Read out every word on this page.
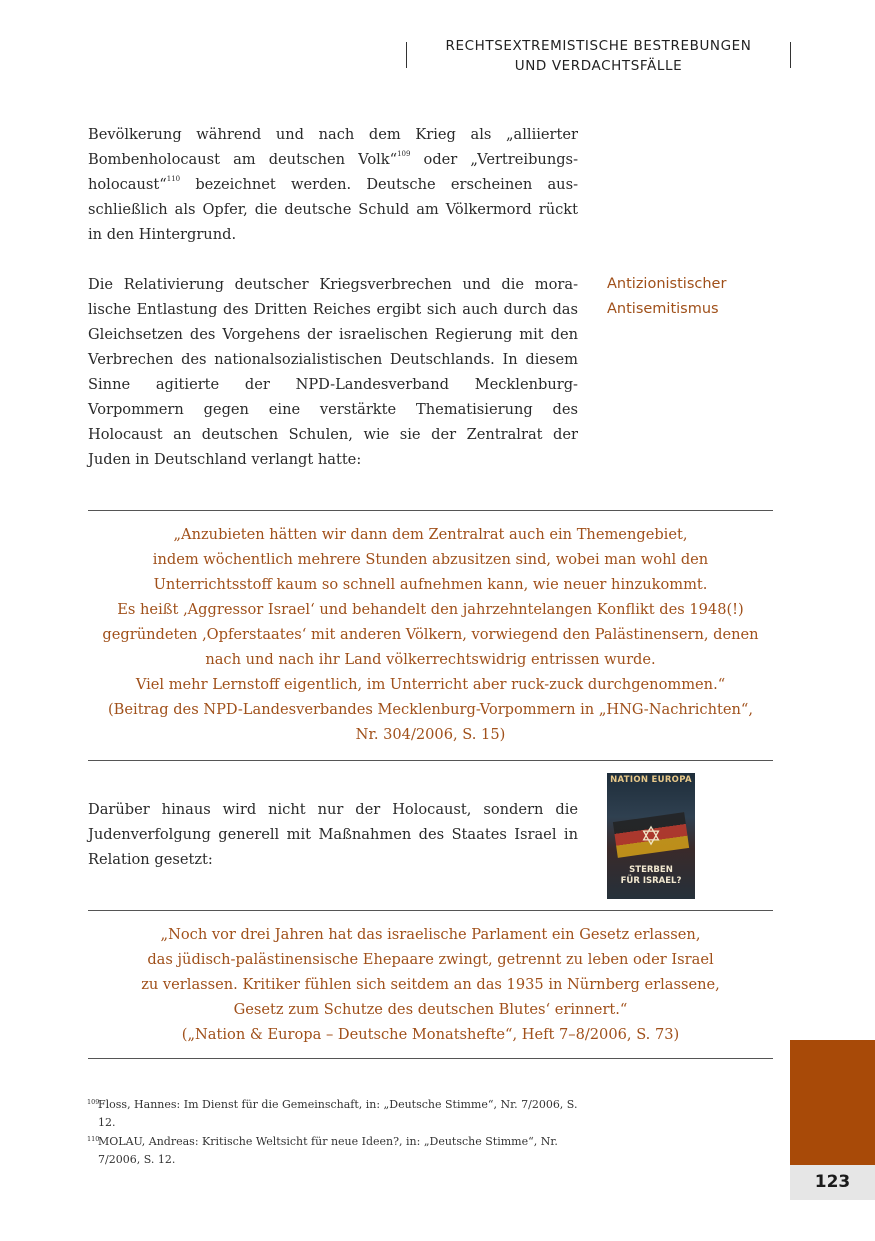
RECHTSEXTREMISTISCHE BESTREBUNGEN
UND VERDACHTSFÄLLE
Bevölkerung während und nach dem Krieg als „alliierter Bombenholocaust am deutschen Volk“$^{109}$ oder „Vertreibungsholocaust“$^{110}$ bezeichnet werden. Deutsche erscheinen ausschließlich als Opfer, die deutsche Schuld am Völkermord rückt in den Hintergrund.
Die Relativierung deutscher Kriegsverbrechen und die moralische Entlastung des Dritten Reiches ergibt sich auch durch das Gleichsetzen des Vorgehens der israelischen Regierung mit den Verbrechen des nationalsozialistischen Deutschlands. In diesem Sinne agitierte der NPD-Landesverband Mecklenburg-Vorpommern gegen eine verstärkte Thematisierung des Holocaust an deutschen Schulen, wie sie der Zentralrat der Juden in Deutschland verlangt hatte:
Antizionistischer
Antisemitismus
„Anzubieten hätten wir dann dem Zentralrat auch ein Themengebiet,
indem wöchentlich mehrere Stunden abzusitzen sind, wobei man wohl den
Unterrichtsstoff kaum so schnell aufnehmen kann, wie neuer hinzukommt.
Es heißt ‚Aggressor Israel‘ und behandelt den jahrzehntelangen Konflikt des 1948(!)
gegründeten ‚Opferstaates‘ mit anderen Völkern, vorwiegend den Palästinensern, denen
nach und nach ihr Land völkerrechtswidrig entrissen wurde.
Viel mehr Lernstoff eigentlich, im Unterricht aber ruck-zuck durchgenommen.“
(Beitrag des NPD-Landesverbandes Mecklenburg-Vorpommern in „HNG-Nachrichten“,
Nr. 304/2006, S. 15)
Darüber hinaus wird nicht nur der Holocaust, sondern die Judenverfolgung generell mit Maßnahmen des Staates Israel in Relation gesetzt:
NATION EUROPA
✡
STERBEN
FÜR ISRAEL?
„Noch vor drei Jahren hat das israelische Parlament ein Gesetz erlassen,
das jüdisch-palästinensische Ehepaare zwingt, getrennt zu leben oder Israel
zu verlassen. Kritiker fühlen sich seitdem an das 1935 in Nürnberg erlassene,
Gesetz zum Schutze des deutschen Blutes‘ erinnert.“
(„Nation & Europa – Deutsche Monatshefte“, Heft 7–8/2006, S. 73)
109
Floss, Hannes: Im Dienst für die Gemeinschaft, in: „Deutsche Stimme“, Nr. 7/2006, S. 12.
110
MOLAU, Andreas: Kritische Weltsicht für neue Ideen?, in: „Deutsche Stimme“, Nr. 7/2006, S. 12.
123
